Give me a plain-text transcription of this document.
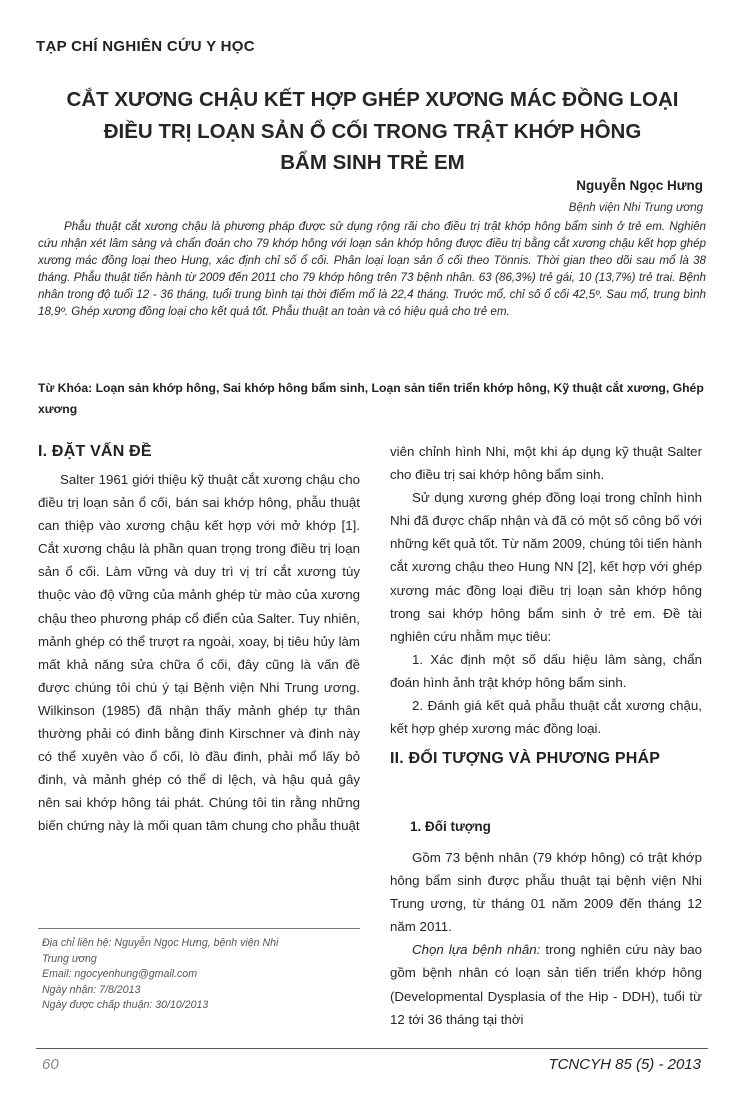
TẠP CHÍ NGHIÊN CỨU Y HỌC
CẮT XƯƠNG CHẬU KẾT HỢP GHÉP XƯƠNG MÁC ĐỒNG LOẠI
ĐIỀU TRỊ LOẠN SẢN Ổ CỐI TRONG TRẬT KHỚP HÔNG
BẨM SINH TRẺ EM
Nguyễn Ngọc Hưng
Bệnh viện Nhi Trung ương
Phẫu thuật cắt xương chậu là phương pháp được sử dụng rộng rãi cho điều trị trật khớp hông bẩm sinh ở trẻ em. Nghiên cứu nhận xét lâm sàng và chẩn đoán cho 79 khớp hông với loạn sản khớp hông được điều trị bằng cắt xương chậu kết hợp ghép xương mác đồng loại theo Hung, xác định chỉ số ổ cối. Phân loại loạn sản ổ cối theo Tönnis. Thời gian theo dõi sau mổ là 38 tháng. Phẫu thuật tiến hành từ 2009 đến 2011 cho 79 khớp hông trên 73 bệnh nhân. 63 (86,3%) trẻ gái, 10 (13,7%) trẻ trai. Bệnh nhân trong độ tuổi 12 - 36 tháng, tuổi trung bình tại thời điểm mổ là 22,4 tháng. Trước mổ, chỉ số ổ cối 42,5º. Sau mổ, trung bình 18,9º. Ghép xương đồng loại cho kết quả tốt. Phẫu thuật an toàn và có hiệu quả cho trẻ em.
Từ Khóa: Loạn sản khớp hông, Sai khớp hông bẩm sinh, Loạn sản tiến triển khớp hông, Kỹ thuật cắt xương, Ghép xương
I. ĐẶT VẤN ĐỀ

Salter 1961 giới thiệu kỹ thuật cắt xương chậu cho điều trị loạn sản ổ cối, bán sai khớp hông, phẫu thuật can thiệp vào xương chậu kết hợp với mở khớp [1]. Cắt xương chậu là phần quan trọng trong điều trị loạn sản ổ cối. Làm vững và duy trì vị trí cắt xương tùy thuộc vào độ vững của mảnh ghép từ mào của xương chậu theo phương pháp cổ điển của Salter. Tuy nhiên, mảnh ghép có thể trượt ra ngoài, xoay, bị tiêu hủy làm mất khả năng sửa chữa ổ cối, đây cũng là vấn đề được chúng tôi chú ý tại Bệnh viện Nhi Trung ương. Wilkinson (1985) đã nhận thấy mảnh ghép tự thân thường phải có đinh bằng đinh Kirschner và đinh này có thể xuyên vào ổ cối, lò đầu đinh, phải mổ lấy bỏ đinh, và mảnh ghép có thể di lệch, và hậu quả gây nên sai khớp hông tái phát. Chúng tôi tin rằng những biến chứng này là mối quan tâm chung cho phẫu thuật

viên chỉnh hình Nhi, một khi áp dụng kỹ thuật Salter cho điều trị sai khớp hông bẩm sinh.

Sử dụng xương ghép đồng loại trong chỉnh hình Nhi đã được chấp nhận và đã có một số công bố với những kết quả tốt. Từ năm 2009, chúng tôi tiến hành cắt xương chậu theo Hung NN [2], kết hợp với ghép xương mác đồng loại điều trị loạn sản khớp hông trong sai khớp hông bẩm sinh ở trẻ em. Đề tài nghiên cứu nhằm mục tiêu:

1. Xác định một số dấu hiệu lâm sàng, chẩn đoán hình ảnh trật khớp hông bẩm sinh.

2. Đánh giá kết quả phẫu thuật cắt xương chậu, kết hợp ghép xương mác đồng loại.

II. ĐỐI TƯỢNG VÀ PHƯƠNG PHÁP
1. Đối tượng

Gồm 73 bệnh nhân (79 khớp hông) có trật khớp hông bẩm sinh được phẫu thuật tại bệnh viện Nhi Trung ương, từ tháng 01 năm 2009 đến tháng 12 năm 2011.

Chọn lựa bệnh nhân: trong nghiên cứu này bao gồm bệnh nhân có loạn sản tiến triển khớp hông (Developmental Dysplasia of the Hip - DDH), tuổi từ 12 tới 36 tháng tại thời

Địa chỉ liên hệ: Nguyễn Ngọc Hưng, bệnh viện Nhi
Trung ương
Email: ngocyenhung@gmail.com
Ngày nhận: 7/8/2013
Ngày được chấp thuận: 30/10/2013
60	TCNCYH 85 (5) - 2013
